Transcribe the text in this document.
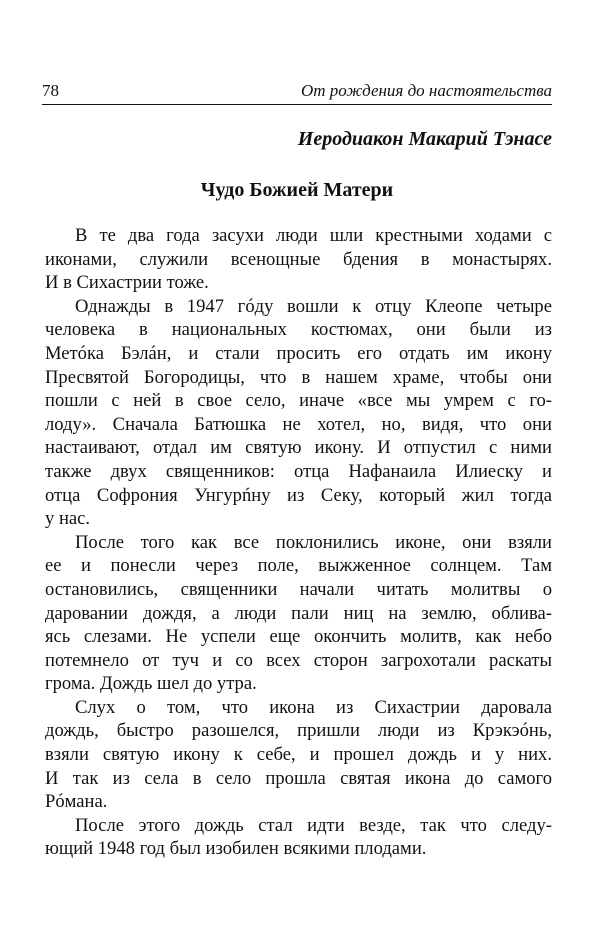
78	От рождения до настоятельства
Иеродиакон Макарий Тэнасе
Чудо Божией Матери

В те два года засухи люди шли крестными ходами с
иконами, служили всенощные бдения в монастырях.
И в Сихастрии тоже.

Однажды в 1947 гóду вошли к отцу Клеопе четыре
человека в национальных костюмах, они были из
Метóка Бэлáн, и стали просить его отдать им икону
Пресвятой Богородицы, что в нашем храме, чтобы они
пошли с ней в свое село, иначе «все мы умрем с го-
лоду». Сначала Батюшка не хотел, но, видя, что они
настаивают, отдал им святую икону. И отпустил с ними
также двух священников: отца Нафанаила Илиеску и
отца Софрония Унгурńну из Секу, который жил тогда
у нас.

После того как все поклонились иконе, они взяли
ее и понесли через поле, выжженное солнцем. Там
остановились, священники начали читать молитвы о
даровании дождя, а люди пали ниц на землю, облива-
ясь слезами. Не успели еще окончить молитв, как небо
потемнело от туч и со всех сторон загрохотали раскаты
грома. Дождь шел до утра.

Слух о том, что икона из Сихастрии даровала
дождь, быстро разошелся, пришли люди из Крэкэóнь,
взяли святую икону к себе, и прошел дождь и у них.
И так из села в село прошла святая икона до самого
Рóмана.

После этого дождь стал идти везде, так что следу-
ющий 1948 год был изобилен всякими плодами.
